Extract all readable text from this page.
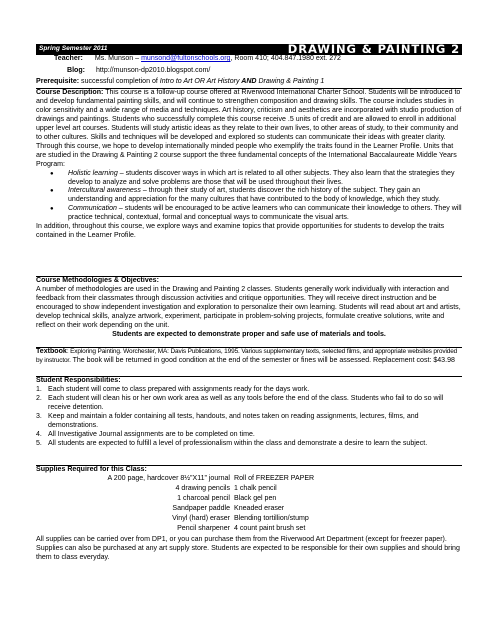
Spring Semester 2011	DRAWING & PAINTING 2
Teacher: Ms. Munson – munsond@fultonschools.org, Room 410; 404.847.1980 ext. 272
Blog: http://munson-dp2010.blogspot.com/
Prerequisite: successful completion of Intro to Art OR Art History AND Drawing & Painting 1

Course Description: This course is a follow-up course offered at Riverwood International Charter School. Students will be introduced to and develop fundamental painting skills, and will continue to strengthen composition and drawing skills. The course includes studies in color sensitivity and a wide range of media and techniques. Art history, criticism and aesthetics are incorporated with studio production of drawings and paintings. Students who successfully complete this course receive .5 units of credit and are allowed to enroll in additional upper level art courses. Students will study artistic ideas as they relate to their own lives, to other areas of study, to their community and to other cultures. Skills and techniques will be developed and explored so students can communicate their ideas with greater clarity. Through this course, we hope to develop internationally minded people who exemplify the traits found in the Learner Profile. Units that are studied in the Drawing & Painting 2 course support the three fundamental concepts of the International Baccalaureate Middle Years Program:

● Holistic learning – students discover ways in which art is related to all other subjects. They also learn that the strategies they develop to analyze and solve problems are those that will be used throughout their lives.
● Intercultural awareness – through their study of art, students discover the rich history of the subject. They gain an understanding and appreciation for the many cultures that have contributed to the body of knowledge, which they study.
● Communication – students will be encouraged to be active learners who can communicate their knowledge to others. They will practice technical, contextual, formal and conceptual ways to communicate the visual arts.

In addition, throughout this course, we explore ways and examine topics that provide opportunities for students to develop the traits contained in the Learner Profile.

Course Methodologies & Objectives:

A number of methodologies are used in the Drawing and Painting 2 classes. Students generally work individually with interaction and feedback from their classmates through discussion activities and critique opportunities. They will receive direct instruction and be encouraged to show independent investigation and exploration to personalize their own learning. Students will read about art and artists, develop technical skills, analyze artwork, experiment, participate in problem-solving projects, formulate creative solutions, write and reflect on their work depending on the unit.

Students are expected to demonstrate proper and safe use of materials and tools.

Textbook: Exploring Painting. Worchester, MA: Davis Publications, 1995. Various supplementary texts, selected films, and appropriate websites provided by instructor. The book will be returned in good condition at the end of the semester or fines will be assessed. Replacement cost: $43.98

Student Responsibilities:

1. Each student will come to class prepared with assignments ready for the days work.
2. Each student will clean his or her own work area as well as any tools before the end of the class. Students who fail to do so will receive detention.
3. Keep and maintain a folder containing all tests, handouts, and notes taken on reading assignments, lectures, films, and demonstrations.
4. All Investigative Journal assignments are to be completed on time.
5. All students are expected to fulfill a level of professionalism within the class and demonstrate a desire to learn the subject.

Supplies Required for this Class:

A 200 page, hardcover 8½”X11” journal Roll of FREEZER PAPER
4 drawing pencils 1 chalk pencil
1 charcoal pencil Black gel pen
Sandpaper paddle Kneaded eraser
Vinyl (hard) eraser Blending tortillion/stump
Pencil sharpener 4 count paint brush set

All supplies can be carried over from DP1, or you can purchase them from the Riverwood Art Department (except for freezer paper). Supplies can also be purchased at any art supply store. Students are expected to be responsible for their own supplies and should bring them to class everyday.
